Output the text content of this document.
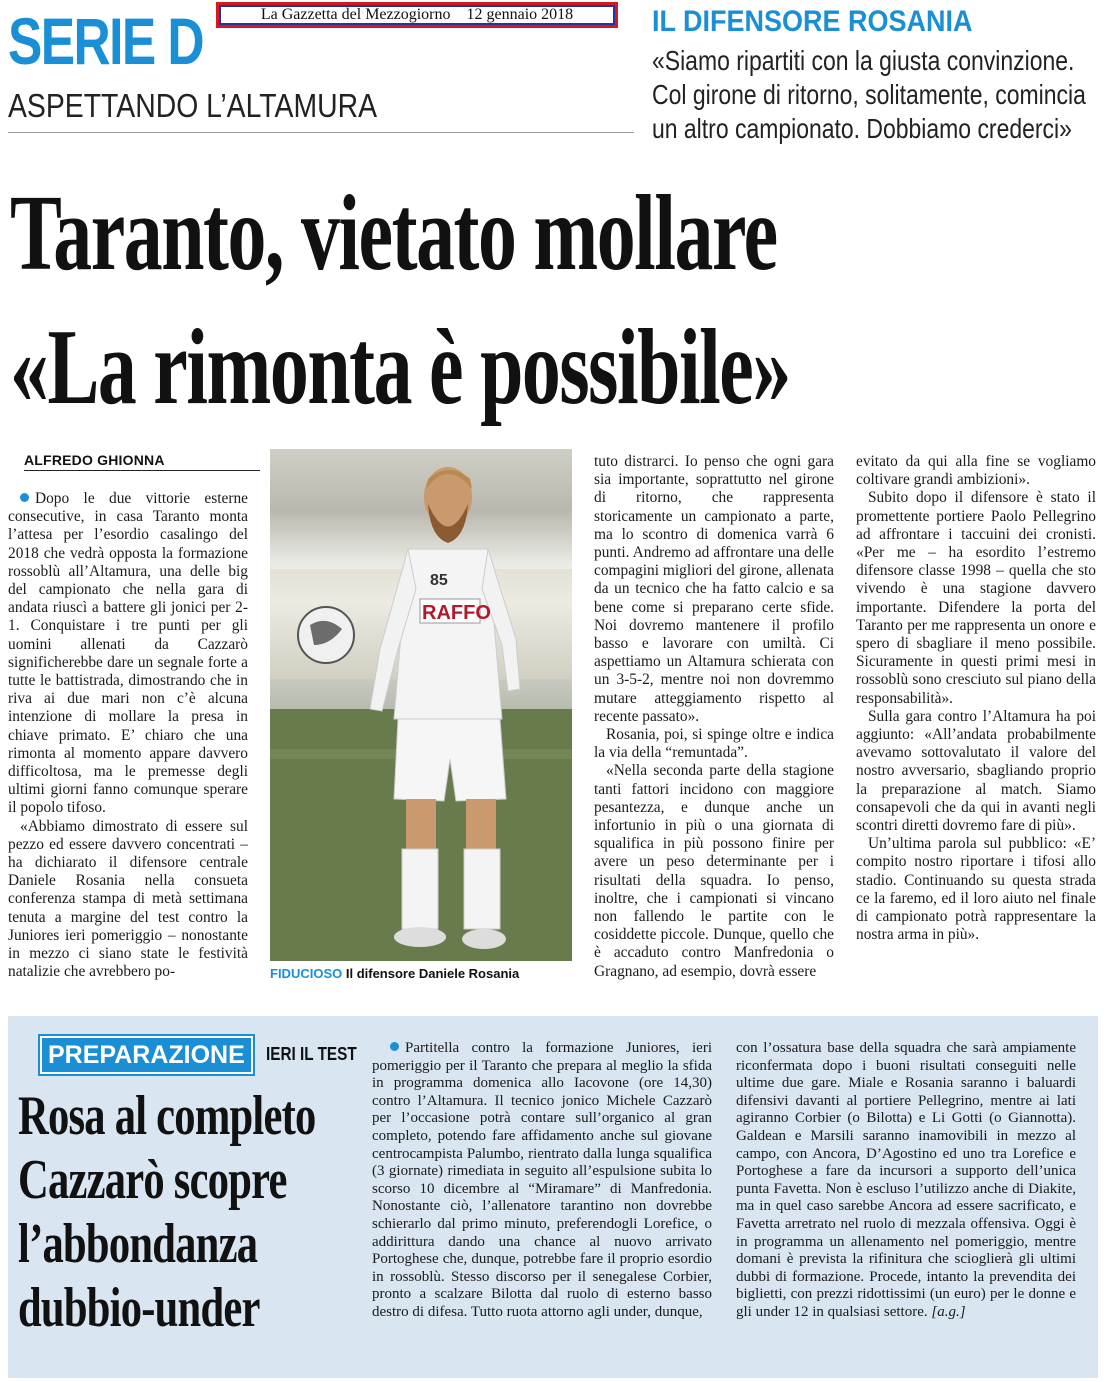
SERIE D
ASPETTANDO L’ALTAMURA
La Gazzetta del Mezzogiorno    12 gennaio 2018	IL DIFENSORE ROSANIA
«Siamo ripartiti con la giusta convinzione.
Col girone di ritorno, solitamente, comincia
un altro campionato. Dobbiamo crederci»
Taranto, vietato mollare
«La rimonta è possibile»
ALFREDO GHIONNA

Dopo le due vittorie esterne consecutive, in casa Taranto monta l’attesa per l’esordio casalingo del 2018 che vedrà opposta la formazione rossoblù all’Altamura, una delle big del campionato che nella gara di andata riuscì a battere gli jonici per 2-1. Conquistare i tre punti per gli uomini allenati da Cazzarò significherebbe dare un segnale forte a tutte le battistrada, dimostrando che in riva ai due mari non c’è alcuna intenzione di mollare la presa in chiave primato. E’ chiaro che una rimonta al momento appare davvero difficoltosa, ma le premesse degli ultimi giorni fanno comunque sperare il popolo tifoso.

«Abbiamo dimostrato di essere sul pezzo ed essere davvero concentrati – ha dichiarato il difensore centrale Daniele Rosania nella consueta conferenza stampa di metà settimana tenuta a margine del test contro la Juniores ieri pomeriggio – nonostante in mezzo ci siano state le festività natalizie che avrebbero po-

RAFFO
85
FIDUCIOSO Il difensore Daniele Rosania

tuto distrarci. Io penso che ogni gara sia importante, soprattutto nel girone di ritorno, che rappresenta storicamente un campionato a parte, ma lo scontro di domenica varrà 6 punti. Andremo ad affrontare una delle compagini migliori del girone, allenata da un tecnico che ha fatto calcio e sa bene come si preparano certe sfide. Noi dovremo mantenere il profilo basso e lavorare con umiltà. Ci aspettiamo un Altamura schierata con un 3-5-2, mentre noi non dovremmo mutare atteggiamento rispetto al recente passato».

Rosania, poi, si spinge oltre e indica la via della “remuntada”.

«Nella seconda parte della stagione tanti fattori incidono con maggiore pesantezza, e dunque anche un infortunio in più o una giornata di squalifica in più possono finire per avere un peso determinante per i risultati della squadra. Io penso, inoltre, che i campionati si vincano non fallendo le partite con le cosiddette piccole. Dunque, quello che è accaduto contro Manfredonia o Gragnano, ad esempio, dovrà essere

evitato da qui alla fine se vogliamo coltivare grandi ambizioni».

Subito dopo il difensore è stato il promettente portiere Paolo Pellegrino ad affrontare i taccuini dei cronisti. «Per me – ha esordito l’estremo difensore classe 1998 – quella che sto vivendo è una stagione davvero importante. Difendere la porta del Taranto per me rappresenta un onore e spero di sbagliare il meno possibile. Sicuramente in questi primi mesi in rossoblù sono cresciuto sul piano della responsabilità».

Sulla gara contro l’Altamura ha poi aggiunto: «All’andata probabilmente avevamo sottovalutato il valore del nostro avversario, sbagliando proprio la preparazione al match. Siamo consapevoli che da qui in avanti negli scontri diretti dovremo fare di più».

Un’ultima parola sul pubblico: «E’ compito nostro riportare i tifosi allo stadio. Continuando su questa strada ce la faremo, ed il loro aiuto nel finale di campionato potrà rappresentare la nostra arma in più».

PREPARAZIONE	IERI IL TEST
Rosa al completo
Cazzarò scopre
l’abbondanza
dubbio-under

Partitella contro la formazione Juniores, ieri pomeriggio per il Taranto che prepara al meglio la sfida in programma domenica allo Iacovone (ore 14,30) contro l’Altamura. Il tecnico jonico Michele Cazzarò per l’occasione potrà contare sull’organico al gran completo, potendo fare affidamento anche sul giovane centrocampista Palumbo, rientrato dalla lunga squalifica (3 giornate) rimediata in seguito all’espulsione subita lo scorso 10 dicembre al “Miramare” di Manfredonia. Nonostante ciò, l’allenatore tarantino non dovrebbe schierarlo dal primo minuto, preferendogli Lorefice, o addirittura dando una chance al nuovo arrivato Portoghese che, dunque, potrebbe fare il proprio esordio in rossoblù. Stesso discorso per il senegalese Corbier, pronto a scalzare Bilotta dal ruolo di esterno basso destro di difesa. Tutto ruota attorno agli under, dunque,

con l’ossatura base della squadra che sarà ampiamente riconfermata dopo i buoni risultati conseguiti nelle ultime due gare. Miale e Rosania saranno i baluardi difensivi davanti al portiere Pellegrino, mentre ai lati agiranno Corbier (o Bilotta) e Li Gotti (o Giannotta). Galdean e Marsili saranno inamovibili in mezzo al campo, con Ancora, D’Agostino ed uno tra Lorefice e Portoghese a fare da incursori a supporto dell’unica punta Favetta. Non è escluso l’utilizzo anche di Diakite, ma in quel caso sarebbe Ancora ad essere sacrificato, e Favetta arretrato nel ruolo di mezzala offensiva. Oggi è in programma un allenamento nel pomeriggio, mentre domani è prevista la rifinitura che scioglierà gli ultimi dubbi di formazione. Procede, intanto la prevendita dei biglietti, con prezzi ridottissimi (un euro) per le donne e gli under 12 in qualsiasi settore. [a.g.]
